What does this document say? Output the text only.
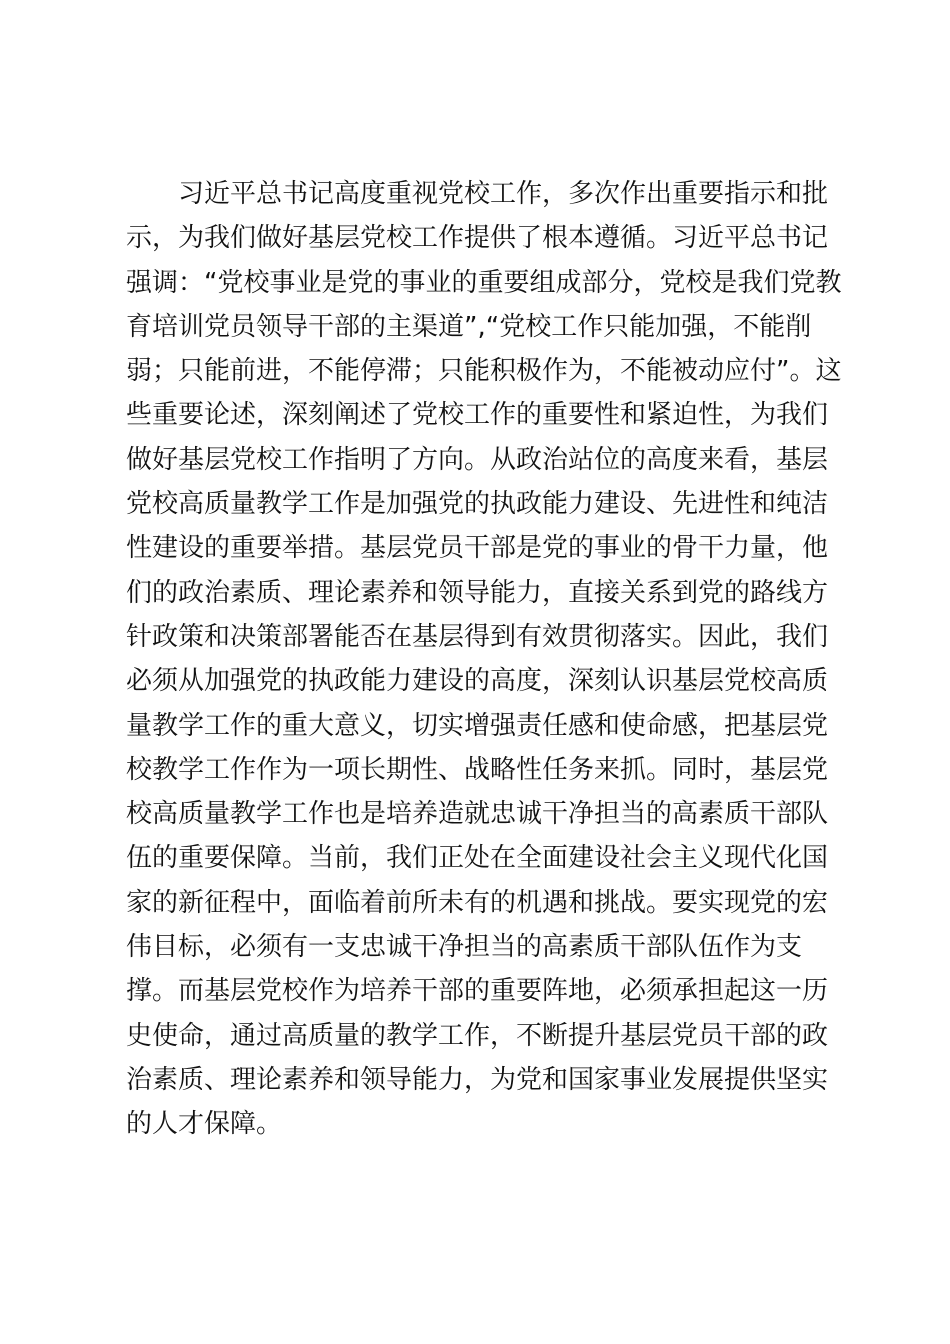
习近平总书记高度重视党校工作，多次作出重要指示和批
示，为我们做好基层党校工作提供了根本遵循。习近平总书记
强调：“党校事业是党的事业的重要组成部分，党校是我们党教
育培训党员领导干部的主渠道”,“党校工作只能加强，不能削
弱；只能前进，不能停滞；只能积极作为，不能被动应付”。这
些重要论述，深刻阐述了党校工作的重要性和紧迫性，为我们
做好基层党校工作指明了方向。从政治站位的高度来看，基层
党校高质量教学工作是加强党的执政能力建设、先进性和纯洁
性建设的重要举措。基层党员干部是党的事业的骨干力量，他
们的政治素质、理论素养和领导能力，直接关系到党的路线方
针政策和决策部署能否在基层得到有效贯彻落实。因此，我们
必须从加强党的执政能力建设的高度，深刻认识基层党校高质
量教学工作的重大意义，切实增强责任感和使命感，把基层党
校教学工作作为一项长期性、战略性任务来抓。同时，基层党
校高质量教学工作也是培养造就忠诚干净担当的高素质干部队
伍的重要保障。当前，我们正处在全面建设社会主义现代化国
家的新征程中，面临着前所未有的机遇和挑战。要实现党的宏
伟目标，必须有一支忠诚干净担当的高素质干部队伍作为支
撑。而基层党校作为培养干部的重要阵地，必须承担起这一历
史使命，通过高质量的教学工作，不断提升基层党员干部的政
治素质、理论素养和领导能力，为党和国家事业发展提供坚实
的人才保障。
